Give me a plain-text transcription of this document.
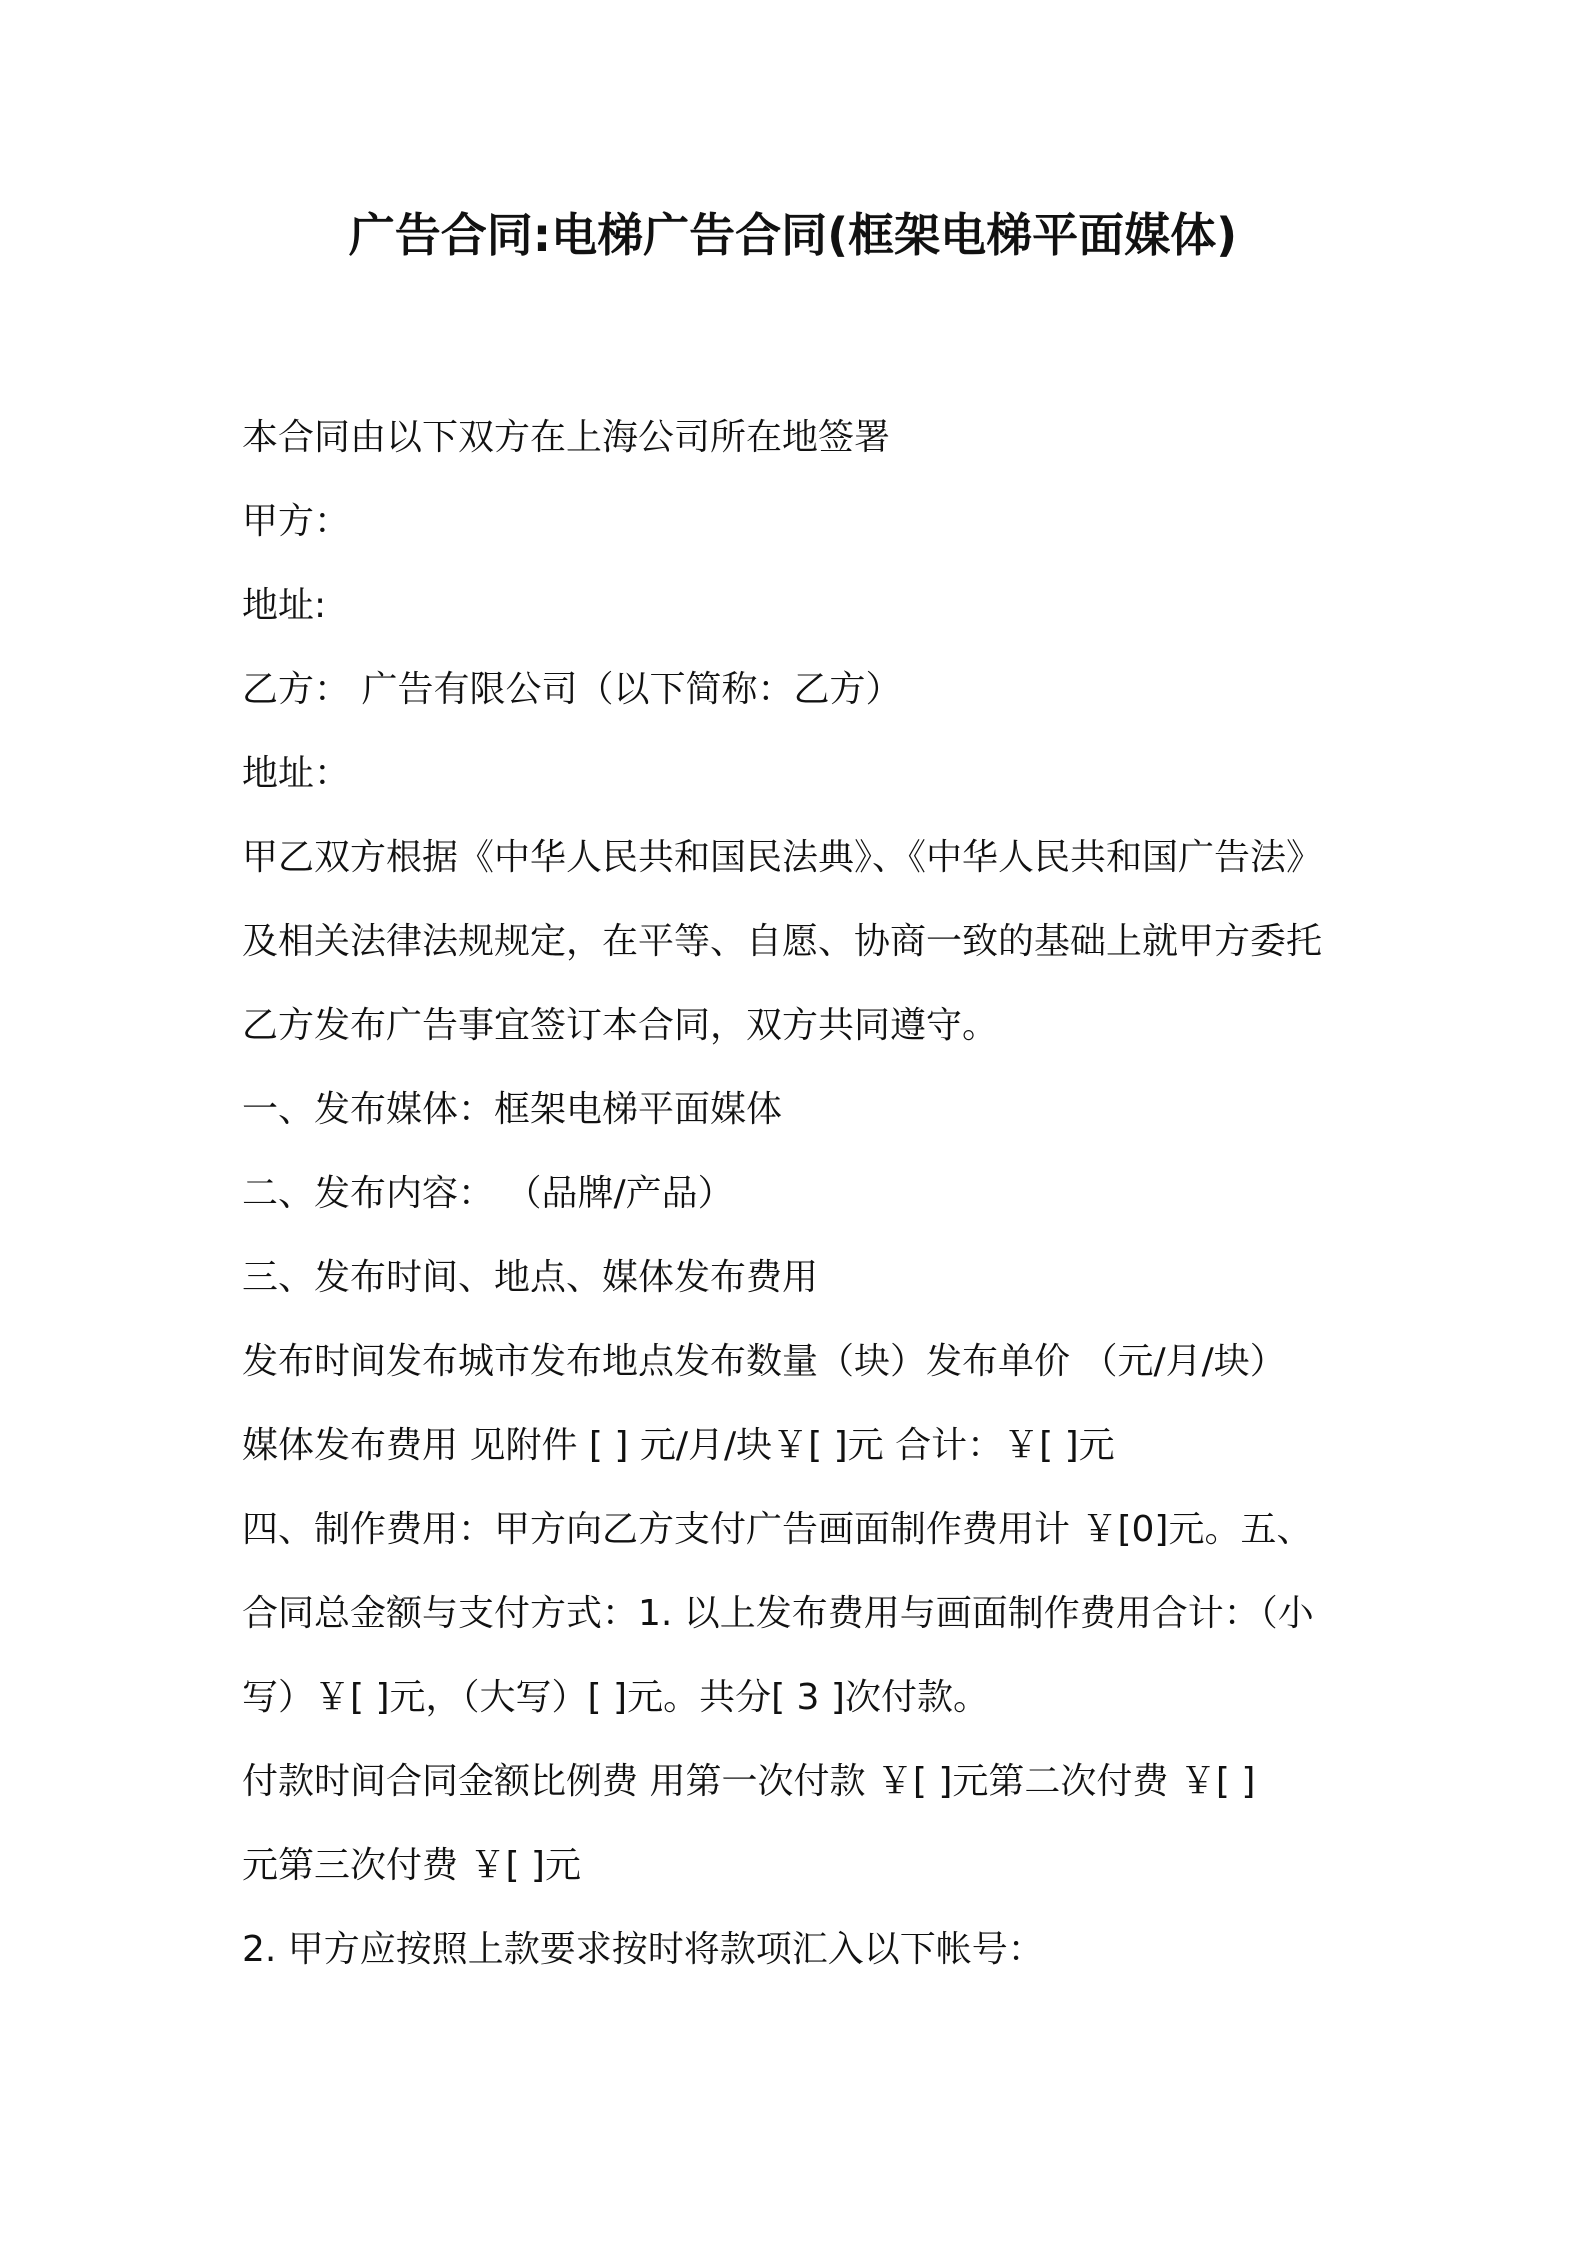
广告合同:电梯广告合同(框架电梯平面媒体)
本合同由以下双方在上海公司所在地签署
甲方：
地址:
乙方： 广告有限公司（以下简称：乙方）
地址：
甲乙双方根据《中华人民共和国民法典》、《中华人民共和国广告法》
及相关法律法规规定，在平等、自愿、协商一致的基础上就甲方委托
乙方发布广告事宜签订本合同，双方共同遵守。
一、发布媒体：框架电梯平面媒体
二、发布内容： （品牌/产品）
三、发布时间、地点、媒体发布费用
发布时间发布城市发布地点发布数量（块）发布单价 （元/月/块）
媒体发布费用 见附件 [ ] 元/月/块￥[ ]元 合计：￥[ ]元
四、制作费用：甲方向乙方支付广告画面制作费用计 ￥[0]元。五、
合同总金额与支付方式：1. 以上发布费用与画面制作费用合计：（小
写）￥[ ]元，（大写）[ ]元。共分[ 3 ]次付款。
付款时间合同金额比例费 用第一次付款 ￥[ ]元第二次付费 ￥[ ]
元第三次付费 ￥[ ]元
2. 甲方应按照上款要求按时将款项汇入以下帐号：
